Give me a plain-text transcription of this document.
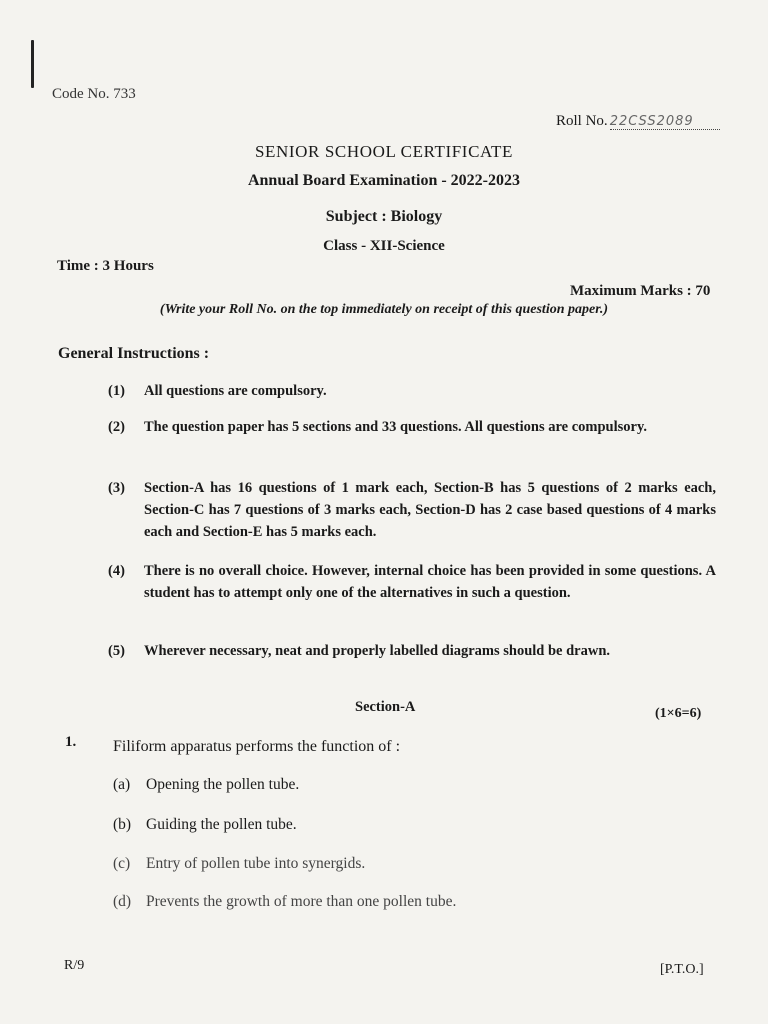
Code No. 733
Roll No. 22CSS2089
SENIOR SCHOOL CERTIFICATE
Annual Board Examination - 2022-2023
Subject : Biology
Class - XII-Science
Time : 3 Hours
Maximum Marks : 70
(Write your Roll No. on the top immediately on receipt of this question paper.)
General Instructions :
(1) All questions are compulsory.
(2) The question paper has 5 sections and 33 questions. All questions are compulsory.
(3) Section-A has 16 questions of 1 mark each, Section-B has 5 questions of 2 marks each, Section-C has 7 questions of 3 marks each, Section-D has 2 case based questions of 4 marks each and Section-E has 5 marks each.
(4) There is no overall choice. However, internal choice has been provided in some questions. A student has to attempt only one of the alternatives in such a question.
(5) Wherever necessary, neat and properly labelled diagrams should be drawn.
Section-A	(1×6=6)
1. Filiform apparatus performs the function of :
(a) Opening the pollen tube.
(b) Guiding the pollen tube.
(c) Entry of pollen tube into synergids.
(d) Prevents the growth of more than one pollen tube.
R/9	[P.T.O.]
